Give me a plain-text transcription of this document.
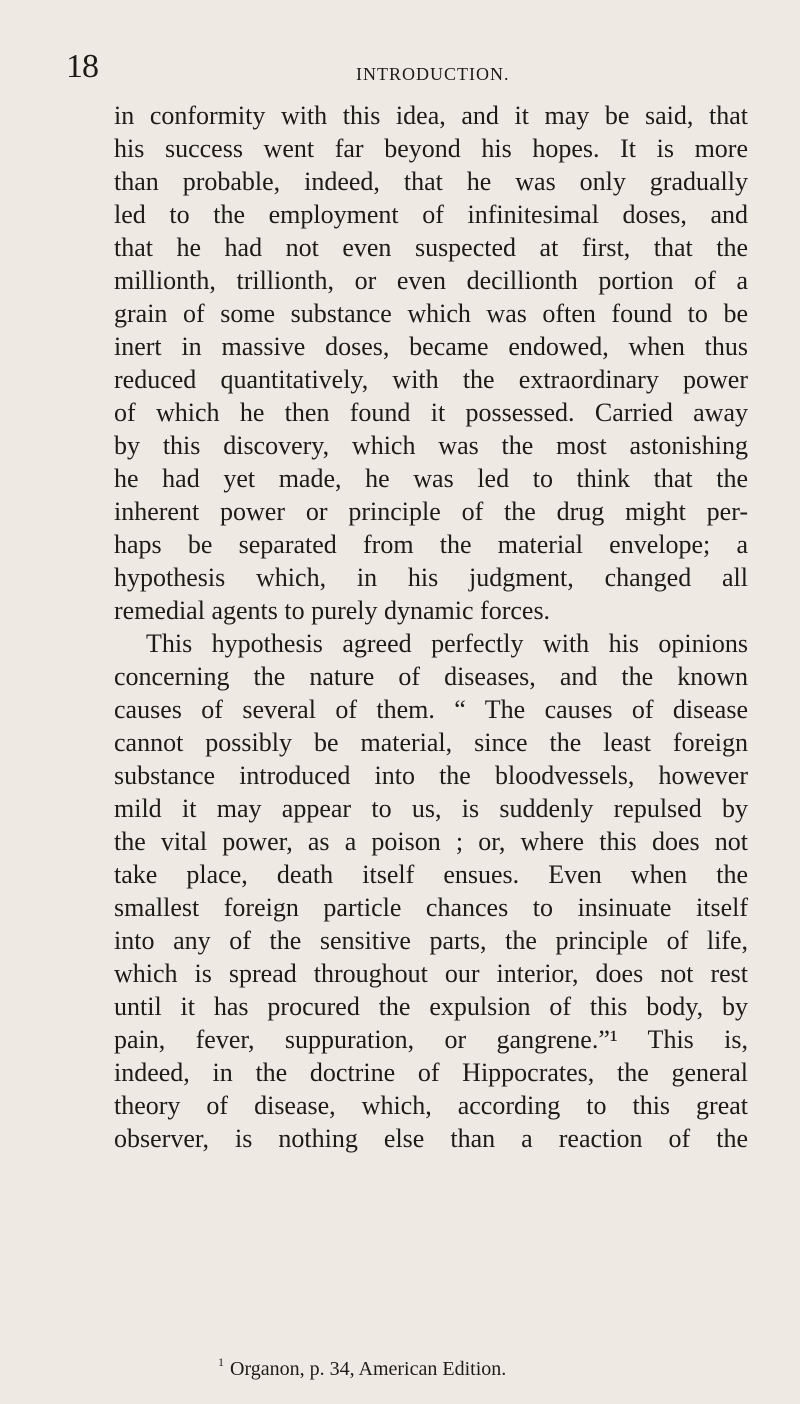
18	INTRODUCTION.
in conformity with this idea, and it may be said, that
his success went far beyond his hopes. It is more
than probable, indeed, that he was only gradually
led to the employment of infinitesimal doses, and
that he had not even suspected at first, that the
millionth, trillionth, or even decillionth portion of a
grain of some substance which was often found to be
inert in massive doses, became endowed, when thus
reduced quantitatively, with the extraordinary power
of which he then found it possessed. Carried away
by this discovery, which was the most astonishing
he had yet made, he was led to think that the
inherent power or principle of the drug might per-
haps be separated from the material envelope; a
hypothesis which, in his judgment, changed all
remedial agents to purely dynamic forces.
This hypothesis agreed perfectly with his opinions
concerning the nature of diseases, and the known
causes of several of them. “ The causes of disease
cannot possibly be material, since the least foreign
substance introduced into the bloodvessels, however
mild it may appear to us, is suddenly repulsed by
the vital power, as a poison ; or, where this does not
take place, death itself ensues. Even when the
smallest foreign particle chances to insinuate itself
into any of the sensitive parts, the principle of life,
which is spread throughout our interior, does not rest
until it has procured the expulsion of this body, by
pain, fever, suppuration, or gangrene.”¹ This is,
indeed, in the doctrine of Hippocrates, the general
theory of disease, which, according to this great
observer, is nothing else than a reaction of the
$^1$ Organon, p. 34, American Edition.
